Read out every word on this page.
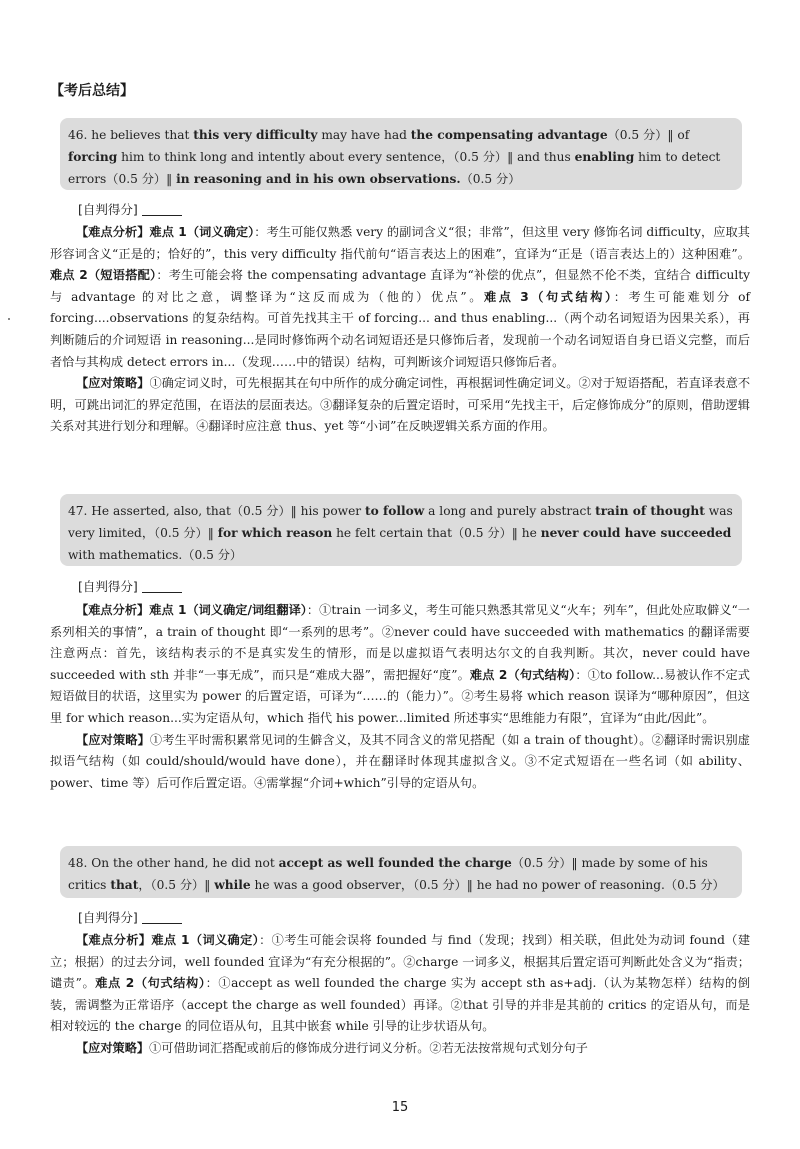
【考后总结】
46. he believes that this very difficulty may have had the compensating advantage（0.5 分）‖ of forcing him to think long and intently about every sentence，（0.5 分）‖ and thus enabling him to detect errors（0.5 分）‖ in reasoning and in his own observations.（0.5 分）
[自判得分]

【难点分析】难点 1（词义确定）：考生可能仅熟悉 very 的副词含义“很；非常”，但这里 very 修饰名词 difficulty，应取其形容词含义“正是的；恰好的”，this very difficulty 指代前句“语言表达上的困难”，宜译为“正是（语言表达上的）这种困难”。难点 2（短语搭配）：考生可能会将 the compensating advantage 直译为“补偿的优点”，但显然不伦不类，宜结合 difficulty 与 advantage 的对比之意，调整译为“这反而成为（他的）优点”。难点 3（句式结构）：考生可能难划分 of forcing....observations 的复杂结构。可首先找其主干 of forcing... and thus enabling...（两个动名词短语为因果关系），再判断随后的介词短语 in reasoning...是同时修饰两个动名词短语还是只修饰后者，发现前一个动名词短语自身已语义完整，而后者恰与其构成 detect errors in...（发现……中的错误）结构，可判断该介词短语只修饰后者。

【应对策略】①确定词义时，可先根据其在句中所作的成分确定词性，再根据词性确定词义。②对于短语搭配，若直译表意不明，可跳出词汇的界定范围，在语法的层面表达。③翻译复杂的后置定语时，可采用“先找主干，后定修饰成分”的原则，借助逻辑关系对其进行划分和理解。④翻译时应注意 thus、yet 等“小词”在反映逻辑关系方面的作用。

47. He asserted, also, that（0.5 分）‖ his power to follow a long and purely abstract train of thought was very limited，（0.5 分）‖ for which reason he felt certain that（0.5 分）‖ he never could have succeeded with mathematics.（0.5 分）
[自判得分]

【难点分析】难点 1（词义确定/词组翻译）：①train 一词多义，考生可能只熟悉其常见义“火车；列车”，但此处应取僻义“一系列相关的事情”，a train of thought 即“一系列的思考”。②never could have succeeded with mathematics 的翻译需要注意两点：首先，该结构表示的不是真实发生的情形，而是以虚拟语气表明达尔文的自我判断。其次，never could have succeeded with sth 并非“一事无成”，而只是“难成大器”，需把握好“度”。难点 2（句式结构）：①to follow...易被认作不定式短语做目的状语，这里实为 power 的后置定语，可译为“……的（能力）”。②考生易将 which reason 误译为“哪种原因”，但这里 for which reason...实为定语从句，which 指代 his power...limited 所述事实“思维能力有限”，宜译为“由此/因此”。

【应对策略】①考生平时需积累常见词的生僻含义，及其不同含义的常见搭配（如 a train of thought）。②翻译时需识别虚拟语气结构（如 could/should/would have done），并在翻译时体现其虚拟含义。③不定式短语在一些名词（如 ability、power、time 等）后可作后置定语。④需掌握“介词+which”引导的定语从句。

48. On the other hand, he did not accept as well founded the charge（0.5 分）‖ made by some of his critics that，（0.5 分）‖ while he was a good observer，（0.5 分）‖ he had no power of reasoning.（0.5 分）
[自判得分]

【难点分析】难点 1（词义确定）：①考生可能会误将 founded 与 find（发现；找到）相关联，但此处为动词 found（建立；根据）的过去分词，well founded 宜译为“有充分根据的”。②charge 一词多义，根据其后置定语可判断此处含义为“指责；谴责”。难点 2（句式结构）：①accept as well founded the charge 实为 accept sth as+adj.（认为某物怎样）结构的倒装，需调整为正常语序（accept the charge as well founded）再译。②that 引导的并非是其前的 critics 的定语从句，而是相对较远的 the charge 的同位语从句，且其中嵌套 while 引导的让步状语从句。

【应对策略】①可借助词汇搭配或前后的修饰成分进行词义分析。②若无法按常规句式划分句子

15
